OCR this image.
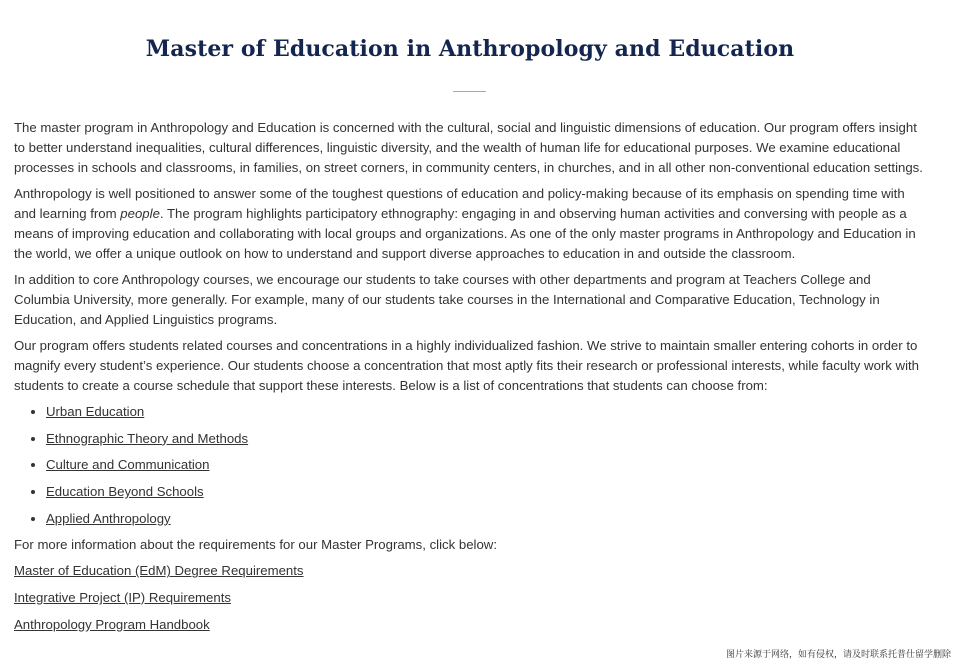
Master of Education in Anthropology and Education

The master program in Anthropology and Education is concerned with the cultural, social and linguistic dimensions of education. Our program offers insight to better understand inequalities, cultural differences, linguistic diversity, and the wealth of human life for educational purposes. We examine educational processes in schools and classrooms, in families, on street corners, in community centers, in churches, and in all other non-conventional education settings.

Anthropology is well positioned to answer some of the toughest questions of education and policy-making because of its emphasis on spending time with and learning from people. The program highlights participatory ethnography: engaging in and observing human activities and conversing with people as a means of improving education and collaborating with local groups and organizations. As one of the only master programs in Anthropology and Education in the world, we offer a unique outlook on how to understand and support diverse approaches to education in and outside the classroom.

In addition to core Anthropology courses, we encourage our students to take courses with other departments and program at Teachers College and Columbia University, more generally. For example, many of our students take courses in the International and Comparative Education, Technology in Education, and Applied Linguistics programs.

Our program offers students related courses and concentrations in a highly individualized fashion. We strive to maintain smaller entering cohorts in order to magnify every student’s experience. Our students choose a concentration that most aptly fits their research or professional interests, while faculty work with students to create a course schedule that support these interests. Below is a list of concentrations that students can choose from:

• Urban Education
• Ethnographic Theory and Methods
• Culture and Communication
• Education Beyond Schools
• Applied Anthropology

For more information about the requirements for our Master Programs, click below:

Master of Education (EdM) Degree Requirements
Integrative Project (IP) Requirements
Anthropology Program Handbook
图片来源于网络，如有侵权，请及时联系托普仕留学删除
